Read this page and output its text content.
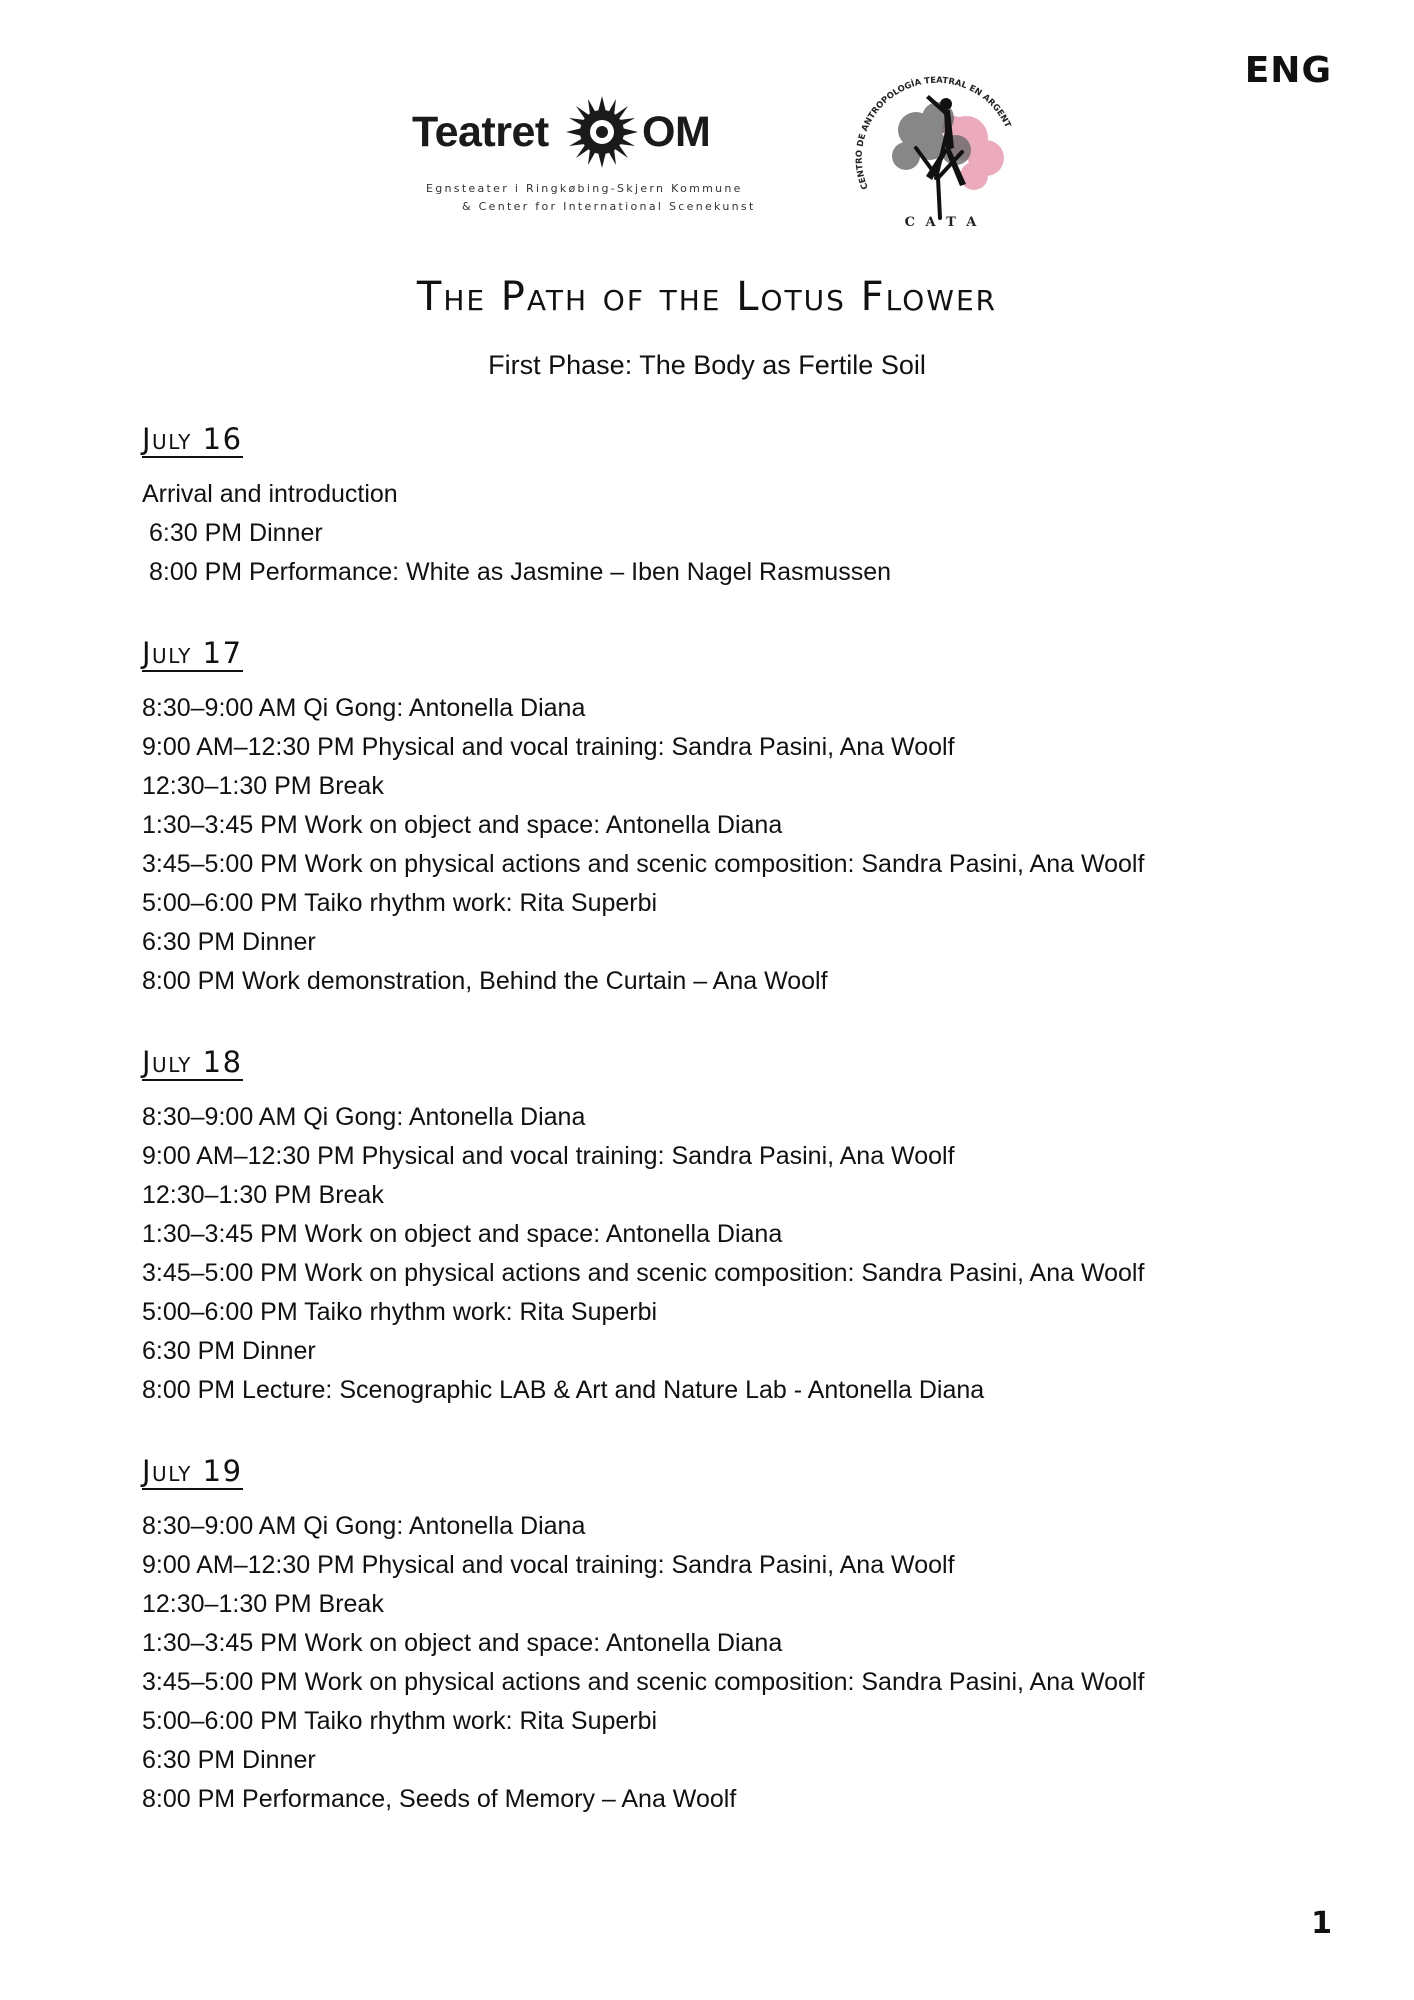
ENG
Teatret OM
Egnsteater i Ringkøbing-Skjern Kommune
& Center for International Scenekunst
CENTRO DE ANTROPOLOGÍA TEATRAL EN ARGENT
C A T A
The Path of the Lotus Flower
First Phase: The Body as Fertile Soil
July 16
Arrival and introduction
6:30 PM Dinner
8:00 PM Performance: White as Jasmine – Iben Nagel Rasmussen
July 17
8:30–9:00 AM Qi Gong: Antonella Diana
9:00 AM–12:30 PM Physical and vocal training: Sandra Pasini, Ana Woolf
12:30–1:30 PM Break
1:30–3:45 PM Work on object and space: Antonella Diana
3:45–5:00 PM Work on physical actions and scenic composition: Sandra Pasini, Ana Woolf
5:00–6:00 PM Taiko rhythm work: Rita Superbi
6:30 PM Dinner
8:00 PM Work demonstration, Behind the Curtain – Ana Woolf
July 18
8:30–9:00 AM Qi Gong: Antonella Diana
9:00 AM–12:30 PM Physical and vocal training: Sandra Pasini, Ana Woolf
12:30–1:30 PM Break
1:30–3:45 PM Work on object and space: Antonella Diana
3:45–5:00 PM Work on physical actions and scenic composition: Sandra Pasini, Ana Woolf
5:00–6:00 PM Taiko rhythm work: Rita Superbi
6:30 PM Dinner
8:00 PM Lecture: Scenographic LAB & Art and Nature Lab - Antonella Diana
July 19
8:30–9:00 AM Qi Gong: Antonella Diana
9:00 AM–12:30 PM Physical and vocal training: Sandra Pasini, Ana Woolf
12:30–1:30 PM Break
1:30–3:45 PM Work on object and space: Antonella Diana
3:45–5:00 PM Work on physical actions and scenic composition: Sandra Pasini, Ana Woolf
5:00–6:00 PM Taiko rhythm work: Rita Superbi
6:30 PM Dinner
8:00 PM Performance, Seeds of Memory – Ana Woolf
1
